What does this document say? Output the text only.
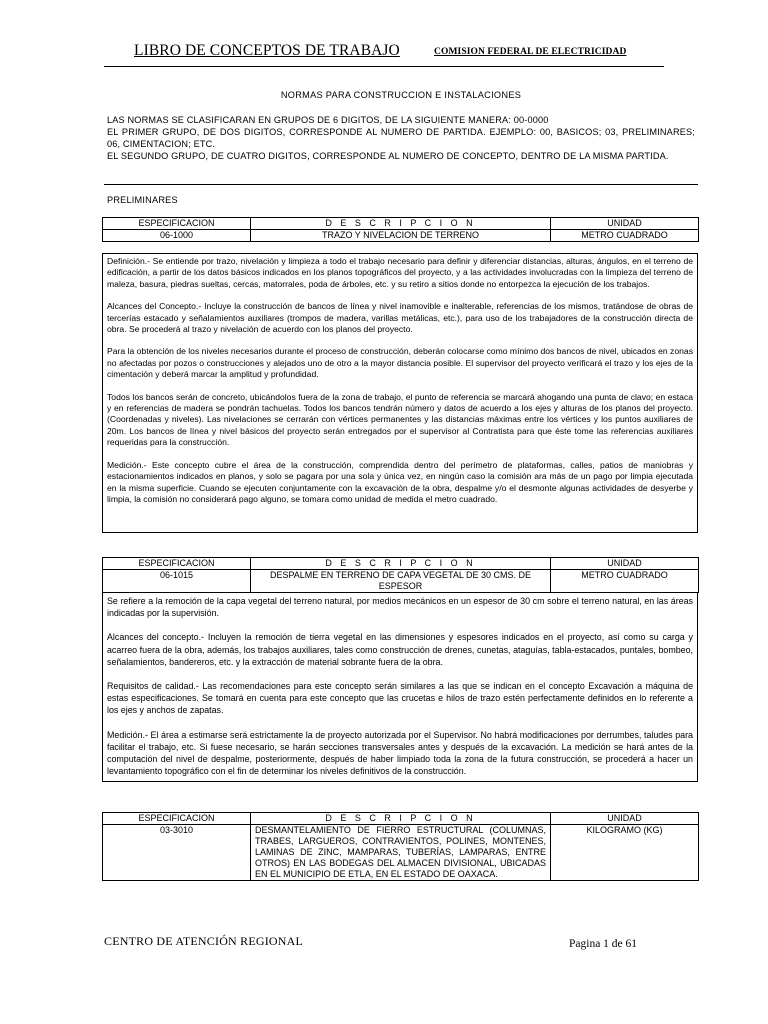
LIBRO DE CONCEPTOS DE TRABAJO	COMISION FEDERAL DE ELECTRICIDAD
NORMAS PARA CONSTRUCCION E INSTALACIONES

LAS NORMAS SE CLASIFICARAN EN GRUPOS DE 6 DIGITOS, DE LA SIGUIENTE MANERA: 00-0000

EL PRIMER GRUPO, DE DOS DIGITOS, CORRESPONDE AL NUMERO DE PARTIDA. EJEMPLO: 00, BASICOS; 03, PRELIMINARES; 06, CIMENTACION; ETC.

EL SEGUNDO GRUPO, DE CUATRO DIGITOS, CORRESPONDE AL NUMERO DE CONCEPTO, DENTRO DE LA MISMA PARTIDA.

PRELIMINARES
ESPECIFICACION	D E S C R I P C I O N	UNIDAD
06-1000	TRAZO Y NIVELACION DE TERRENO	METRO CUADRADO

Definición.- Se entiende por trazo, nivelación y limpieza a todo el trabajo necesario para definir y diferenciar distancias, alturas, ángulos, en el terreno de edificación, a partir de los datos básicos indicados en los planos topográficos del proyecto, y a las actividades involucradas con la limpieza del terreno de maleza, basura, piedras sueltas, cercas, matorrales, poda de árboles, etc. y su retiro a sitios donde no entorpezca la ejecución de los trabajos.

Alcances del Concepto.- Incluye la construcción de bancos de línea y nivel inamovible e inalterable, referencias de los mismos, tratándose de obras de tercerías estacado y señalamientos auxiliares (trompos de madera, varillas metálicas, etc.), para uso de los trabajadores de la construcción directa de obra. Se procederá al trazo y nivelación de acuerdo con los planos del proyecto.

Para la obtención de los niveles necesarios durante el proceso de construcción, deberán colocarse como mínimo dos bancos de nivel, ubicados en zonas no afectadas por pozos o construcciones y alejados uno de otro a la mayor distancia posible. El supervisor del proyecto verificará el trazo y los ejes de la cimentación y deberá marcar la amplitud y profundidad.

Todos los bancos serán de concreto, ubicándolos fuera de la zona de trabajo, el punto de referencia se marcará ahogando una punta de clavo; en estaca y en referencias de madera se pondrán tachuelas. Todos los bancos tendrán número y datos de acuerdo a los ejes y alturas de los planos del proyecto. (Coordenadas y niveles). Las nivelaciones se cerrarán con vértices permanentes y las distancias máximas entre los vértices y los puntos auxiliares de 20m. Los bancos de línea y nivel básicos del proyecto serán entregados por el supervisor al Contratista para que éste tome las referencias auxiliares requeridas para la construcción.

Medición.- Este concepto cubre el área de la construcción, comprendida dentro del perímetro de plataformas, calles, patios de maniobras y estacionamientos indicados en planos, y solo se pagara por una sola y única vez, en ningún caso la comisión ara más de un pago por limpia ejecutada en la misma superficie. Cuando se ejecuten conjuntamente con la excavación de la obra, despalme y/o el desmonte algunas actividades de desyerbe y limpia, la comisión no considerará pago alguno, se tomara como unidad de medida el metro cuadrado.

ESPECIFICACION	D E S C R I P C I O N	UNIDAD
06-1015	DESPALME EN TERRENO DE CAPA VEGETAL DE 30 CMS. DE ESPESOR	METRO CUADRADO

Se refiere a la remoción de la capa vegetal del terreno natural, por medios mecánicos en un espesor de 30 cm sobre el terreno natural, en las áreas indicadas por la supervisión.

Alcances del concepto.- Incluyen la remoción de tierra vegetal en las dimensiones y espesores indicados en el proyecto, así como su carga y acarreo fuera de la obra, además, los trabajos auxiliares, tales como construcción de drenes, cunetas, ataguías, tabla-estacados, puntales, bombeo, señalamientos, bandereros, etc. y la extracción de material sobrante fuera de la obra.

Requisitos de calidad.- Las recomendaciones para este concepto serán similares a las que se indican en el concepto Excavación a máquina de estas especificaciones. Se tomará en cuenta para este concepto que las crucetas e hilos de trazo estén perfectamente definidos en lo referente a los ejes y anchos de zapatas.

Medición.- El área a estimarse será estrictamente la de proyecto autorizada por el Supervisor. No habrá modificaciones por derrumbes, taludes para facilitar el trabajo, etc. Si fuese necesario, se harán secciones transversales antes y después de la excavación. La medición se hará antes de la computación del nivel de despalme, posteriormente, después de haber limpiado toda la zona de la futura construcción, se procederá a hacer un levantamiento topográfico con el fin de determinar los niveles definitivos de la construcción.

ESPECIFICACION	D E S C R I P C I O N	UNIDAD
03-3010	DESMANTELAMIENTO DE FIERRO ESTRUCTURAL (COLUMNAS, TRABES, LARGUEROS, CONTRAVIENTOS, POLINES, MONTENES, LAMINAS DE ZINC, MAMPARAS, TUBERÍAS, LAMPARAS, ENTRE OTROS) EN LAS BODEGAS DEL ALMACEN DIVISIONAL, UBICADAS EN EL MUNICIPIO DE ETLA, EN EL ESTADO DE OAXACA.	KILOGRAMO (KG)
CENTRO DE ATENCIÓN REGIONAL	Pagina 1 de 61
